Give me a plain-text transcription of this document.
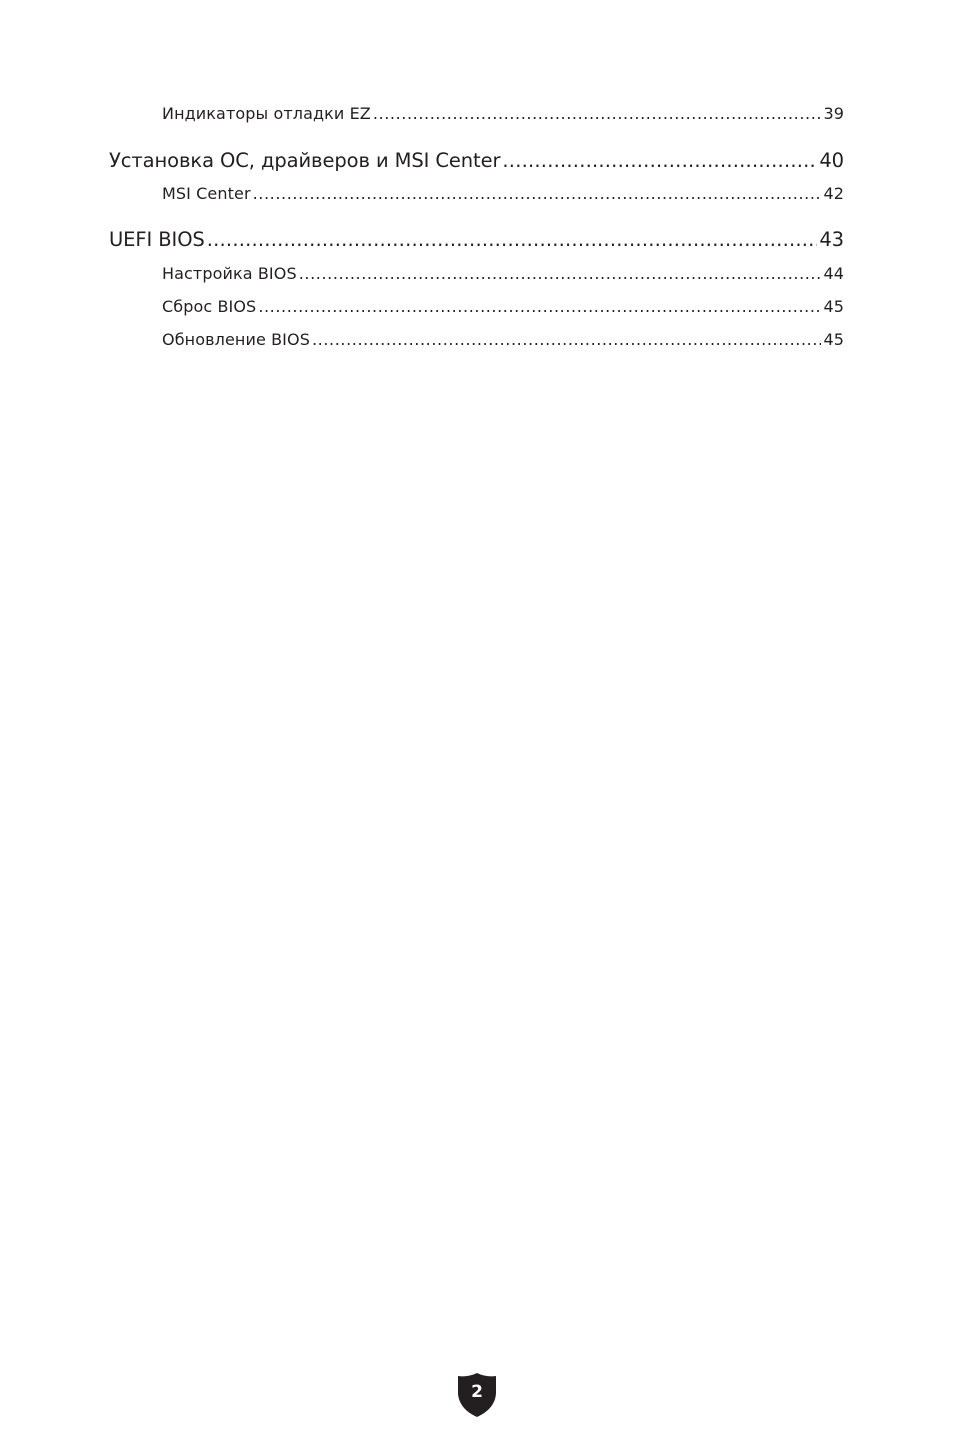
Индикаторы отладки EZ .....	39
Установка ОС, драйверов и MSI Center .....	40
MSI Center .....	42
UEFI BIOS .....	43
Настройка BIOS .....	44
Сброс BIOS .....	45
Обновление BIOS .....	45
2
